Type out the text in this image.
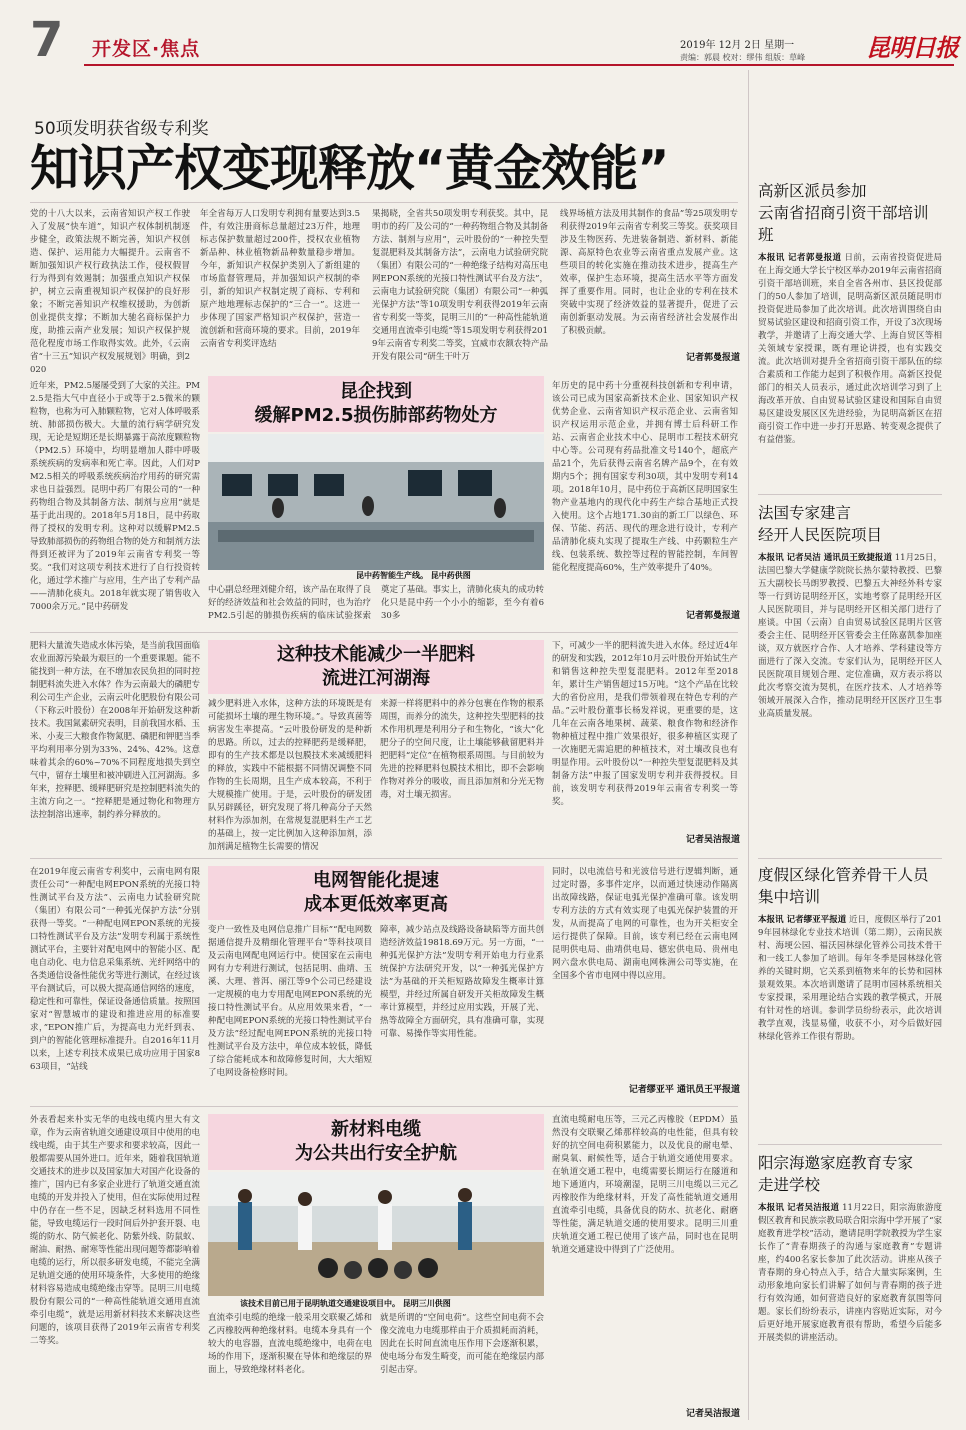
7 开发区·焦点	2019年 12月 2日 星期一
责编：郭晨 校对：缪伟 组版：草峰	昆明日报
50项发明获省级专利奖
知识产权变现释放“黄金效能”
党的十八大以来，云南省知识产权工作驶入了发展“快车道”，知识产权体制机制逐步健全，政策法规不断完善，知识产权创造、保护、运用能力大幅提升。云南省不断加强知识产权行政执法工作，侵权假冒行为得到有效遏制；加强重点知识产权保护，树立云南重视知识产权保护的良好形象；不断完善知识产权维权援助，为创新创业提供支撑；不断加大驰名商标保护力度，助推云南产业发展；知识产权保护规范化程度市场工作取得实效。此外，《云南省“十三五”知识产权发展规划》明确，到2020
年全省每万人口发明专利拥有量要达到3.5件，有效注册商标总量超过23万件，地理标志保护数量超过200件，授权农业植物新品种、林业植物新品种数量稳步增加。今年，新知识产权保护类别入了新组建的市场监督管理局，并加强知识产权制的牵引，新的知识产权制定规了商标、专利和原产地地理标志保护的“三合一”。这进一步体现了国家严格知识产权保护，营造一流创新和营商环境的要求。目前，2019年云南省专利奖评选结
果揭晓，全省共50项发明专利获奖。其中，昆明市的药厂及公司的“一种药物组合物及其制备方法、制剂与应用”，云叶股份的“一种控失型复混肥料及其制备方法”，云南电力试验研究院（集团）有限公司的“一种绝缘子结构对高压电网EPON系统的光接口特性测试平台及方法”，云南电力试验研究院（集团）有限公司“一种弧光保护方法”等10项发明专利获得2019年云南省专利奖一等奖，昆明三川的“一种高性能轨道交通用直流牵引电缆”等15项发明专利获得2019年云南省专利奖二等奖，宜威市农额农特产品开发有限公司“研生干叶万
线界场植方法及用其制作的食品”等25项发明专利获得2019年云南省专利奖三等奖。获奖项目涉及生物医药、先进装备制造、新材料、新能源、高原特色农业等云南省重点发展产业。这些项目的转化实施在推动技术进步，提高生产效率，保护生态环境，提高生活水平等方面发挥了重要作用。同时，也让企业的专利在技术突破中实现了经济效益的显著提升，促进了云南创新驱动发展。为云南省经济社会发展作出了积极贡献。
记者郭曼报道
昆企找到
缓解PM2.5损伤肺部药物处方
昆中药智能生产线。 昆中药供图
近年来，PM2.5屡屡受到了大家的关注。PM2.5是指大气中直径小于或等于2.5微米的颗粒物，也称为可入肺颗粒物，它对人体呼吸系统、肺部损伤极大。大量的流行病学研究发现，无论是短期还是长期暴露于高浓度颗粒物（PM2.5）环境中，均明显增加人群中呼吸系统疾病的发病率和死亡率。因此，人们对PM2.5相关的呼吸系统疾病治疗用药的研究需求也日益强烈。昆明中药厂有限公司的“一种药物组合物及其制备方法、制剂与应用”就是基于此出现的。2018年5月18日，昆中药取得了授权的发明专利。这种对以缓解PM2.5导致肺部损伤的药物组合物的处方和制剂方法得到还被评为了2019年云南省专利奖一等奖。“我们对这项专利技术进行了自行投资转化，通过学术推广与应用，生产出了专利产品——清肺化痰丸。2018年就实现了销售收入7000余万元。”昆中药研发
中心副总经理刘健介绍，该产品在取得了良好的经济效益和社会效益的同时，也为治疗PM2.5引起的肺损伤疾病的临床试验探索奠定了基础。事实上，清肺化痰丸的成功转化只是昆中药一个小小的缩影，至今有着630多
年历史的昆中药十分重视科技创新和专利申请，该公司已成为国家高新技术企业、国家知识产权优势企业、云南省知识产权示范企业、云南省知识产权运用示范企业，并拥有博士后科研工作站、云南省企业技术中心、昆明市工程技术研究中心等。公司现有药品批准文号140个，超底产品21个，先后获得云南省名牌产品9个，在有效期内5个；拥有国家专利30项，其中发明专利14项。2018年10月，昆中药位于高新区昆明国家生物产业基地内的现代化中药生产综合基地正式投入使用。这个占地171.30亩的新工厂以绿色、环保、节能、药活、现代的理念进行设计，专利产品清肺化痰丸实现了提取生产线、中药颗粒生产线、包装系统、数控等过程的智能控制，车间智能化程度提高60%，生产效率提升了40%。
记者郭曼报道
这种技术能减少一半肥料
流进江河湖海
肥料大量流失造成水体污染，是当前我国面临农业面源污染最为艰巨的一个重要课题。能不能找到一种方法，在不增加农民负担的同时控制肥料流失进入水体？作为云南最大的磷肥专利公司生产企业，云南云叶化肥股份有限公司（下称云叶股份）在2008年开始研发这种新技术。我国氮素研究表明，目前我国水稻、玉米、小麦三大粮食作物氮肥、磷肥和钾肥当季平均利用率分别为33%、24%、42%。这意味着其余的60%~70%不同程度地损失到空气中，留存土壤里和被冲刷进入江河湖海。多年来，控释肥、缓释肥研究是控制肥料流失的主流方向之一。“控释肥是通过物化和物理方法控制溶出速率，制约养分释放的。
减少肥料进入水体，这种方法的环境既是有可能损坏土壤的理生物环境。”。导致真菌等病害发生率提高。“云叶股份研发的是种新的思路。所以，过去的控释肥药是缓释肥，即有的生产技术都是以包膜技术来减缓肥料的释放，实践中不能根据不同情况调整不同作物的生长周期，且生产成本较高，不利于大规模推广使用。于是，云叶股份的研发团队另辟蹊径，研究发现了将几种高分子天然材料作为添加剂，在常规复混肥料生产工艺的基础上，按一定比例加入这种添加剂，添加剂满足植物生长需要的情况
来源一样将肥料中的养分包裹在作物的根系周围，而养分的流失，这种控失型肥料的技术作用机理是利用分子和生物化，“该大”化肥分子的空间尺度，让土壤能够截留肥料并把肥料“定位”在植物根系周围。与目前较为先进的控释肥料包膜技术相比，即不会影响作物对养分的吸收，而且添加剂和分光无物毒，对土壤无损害。
下，可减少一半的肥料流失进入水体。经过近4年的研发和实践，2012年10月云叶股份开始试生产和销售这种控失型复混肥料。2012年至2018年，累计生产销售超过15万吨。“这个产品在比较大的省份应用，是我们带领着现在特色专利的产品。”云叶股份董事长杨发祥说，更重要的是，这几年在云南各地果树、蔬菜、粮食作物和经济作物种植过程中推广效果很好，很多种植区实现了一次施肥无需追肥的种植技术，对土壤改良也有明显作用。云叶股份以“一种控失型复混肥料及其制备方法”申报了国家发明专利并获得授权。目前，该发明专利获得2019年云南省专利奖一等奖。
记者吴洁报道
电网智能化提速
成本更低效率更高
在2019年度云南省专利奖中，云南电网有限责任公司“一种配电网EPON系统的光接口特性测试平台及方法”、云南电力试验研究院（集团）有限公司“一种弧光保护方法”分别获得一等奖。“一种配电网EPON系统的光接口特性测试平台及方法”发明专利属于系统性测试平台，主要针对配电网中的智能小区、配电自动化、电力信息采集系统、光纤网络中的各类通信设备性能优劣等进行测试，在经过该平台测试后，可以极大提高通信网络的速度，稳定性和可靠性，保证设备通信质量。按照国家对“智慧城市的建设和推进应用的标准要求，”EPON推广后，为提高电力光纤到表、到户的智能化管理标准提升。自2016年11月以来，上述专利技术成果已成功应用于国家863项目，“站线
变户一致性及电网信息推广目标”“配电网数据通信提升及精细化管理平台”等科技项目及云南电网配电网运行中。使国家在云南电网有力专利进行测试，包括昆明、曲靖、玉溪、大理、普洱、丽江等9个公司已经建设一定规模的电力专用配电网EPON系统的光接口特性测试平台。从应用效果来看，“一种配电网EPON系统的光接口特性测试平台及方法”经过配电网EPON系统的光接口特性测试平台及方法中，单位成本较低，降低了综合能耗成本和故障修复时间，大大缩短了电网设备检修时间。
障率，减少站点及线路设备缺陷等方面共创造经济效益19818.69万元。另一方面，“一种弧光保护方法”发明专利开始电力行业系统保护方法研究开发，以“一种弧光保护方法”为基础的开关柜短路故障发生概率计算模型，并经过所属自研发开关柜故障发生概率计算模型，并经过应用实践，开展了光、热等故障全方面研究，具有准确可靠，实现可靠、易操作等实用性能。
同时，以电流信号和光波信号进行逻辑判断，通过定时器，多事件定序，以而通过快速动作隔离出故障线路，保证电弧光保护准确可靠。该发明专利方法的方式有效实现了电弧光保护装置的开发，从而提高了电网的可靠性，也为开关柜安全运行提供了保障。目前，该专利已经在云南电网昆明供电局、曲靖供电局、德宏供电局、贵州电网六盘水供电局、湖南电网株洲公司等实施，在全国多个省市电网中得以应用。
记者缪亚平 通讯员王平报道
新材料电缆
为公共出行安全护航
该技术目前已用于昆明轨道交通建设项目中。 昆明三川供图
外表看起来朴实无华的电线电缆内里大有文章，作为云南省轨道交通建设项目中使用的电线电缆，由于其生产要求和要求较高，因此一般都需要从国外进口。近年来，随着我国轨道交通技术的进步以及国家加大对国产化设备的推广，国内已有多家企业进行了轨道交通直流电缆的开发并投入了使用，但在实际使用过程中仍存在一些不足，因缺乏材料选用不同性能，导致电缆运行一段时间后外护套开裂、电缆的防水、防气候老化、防紫外线、防鼠蚁、耐油、耐热、耐寒等性能出现问题等都影响着电缆的运行，所以很多研发电缆，不能完全满足轨道交通的使用环境条件，大多使用的绝缘材料容易造成电缆绝缘击穿等。昆明三川电缆股份有限公司的“一种高性能轨道交通用直流牵引电缆”，就是运用新材料技术来解决这些问题的，该项目获得了2019年云南省专利奖二等奖。
直流牵引电缆的绝缘一般采用交联聚乙烯和乙丙橡胶两种绝缘材料。电缆本身具有一个较大的电容器，直流电缆绝缘中，电荷在电场的作用下，逐渐积聚在导体和绝缘层的界面上，导致绝缘材料老化。
就是所谓的“空间电荷”。这些空间电荷不会像交流电力电缆那样由于介质损耗而消耗，因此在长时间直流电压作用下会逐渐积累，使电场分布发生畸变，而可能在绝缘层内部引起击穿。
直流电缆耐电压等，三元乙丙橡胶（EPDM）虽然没有交联聚乙烯那样较高的电性能，但具有较好的抗空间电荷积累能力，以及优良的耐电晕、耐臭氧、耐候性等，适合于轨道交通使用要求。在轨道交通工程中，电缆需要长期运行在隧道和地下通道内，环境潮湿，昆明三川电缆以三元乙丙橡胶作为绝缘材料，开发了高性能轨道交通用直流牵引电缆，具备优良的防水、抗老化、耐磨等性能，满足轨道交通的使用要求。昆明三川重庆轨道交通工程已使用了该产品，同时也在昆明轨道交通建设中得到了广泛使用。
记者吴洁报道
高新区派员参加
云南省招商引资干部培训班
本报讯 记者郭曼报道 日前，云南省投资促进局在上海交通大学长宁校区举办2019年云南省招商引资干部培训班，来自全省各州市、县区投促部门的50人参加了培训，昆明高新区派员随昆明市投资促进局参加了此次培训。此次培训围绕自由贸易试验区建设和招商引资工作，开设了3次现场教学，并邀请了上海交通大学、上海自贸区等相关领域专家授课，既有理论讲授，也有实践交流。此次培训对提升全省招商引资干部队伍的综合素质和工作能力起到了积极作用。高新区投促部门的相关人员表示，通过此次培训学习到了上海改革开放、自由贸易试验区建设和国际自由贸易区建设发展区区先进经验，为昆明高新区在招商引资工作中进一步打开思路、转变观念提供了有益借鉴。
法国专家建言
经开人民医院项目
本报讯 记者吴洁 通讯员王致捷报道 11月25日，法国巴黎大学健康学院院长热尔蒙特教授、巴黎五大副校长马朗罗教授、巴黎五大神经外科专家等一行到访昆明经开区，实地考察了昆明经开区人民医院项目，并与昆明经开区相关部门进行了座谈。中国（云南）自由贸易试验区昆明片区管委会主任、昆明经开区管委会主任陈嘉凯参加座谈，双方就医疗合作、人才培养、学科建设等方面进行了深入交流。专家们认为，昆明经开区人民医院项目规划合理、定位准确，双方表示将以此次考察交流为契机，在医疗技术、人才培养等领域开展深入合作，推动昆明经开区医疗卫生事业高质量发展。
度假区绿化管养骨干人员
集中培训
本报讯 记者缪亚平报道 近日，度假区举行了2019年园林绿化专业技术培训（第二期），云南民族村、海埂公园、福沃园林绿化管养公司技术骨干和一线工人参加了培训。每年冬季是园林绿化管养的关键时期，它关系到植物来年的长势和园林景观效果。本次培训邀请了昆明市园林系统相关专家授课，采用理论结合实践的教学模式，开展有针对性的培训。参训学员纷纷表示，此次培训教学直观，浅显易懂，收获不小，对今后做好园林绿化管养工作很有帮助。
阳宗海邀家庭教育专家
走进学校
本报讯 记者吴洁报道 11月22日，阳宗海旅游度假区教育和民族宗教局联合阳宗海中学开展了“家庭教育进学校”活动，邀请昆明学院教授为学生家长作了“青春期孩子的沟通与家庭教育”专题讲座，约400名家长参加了此次活动。讲座从孩子青春期的身心特点入手，结合大量实际案例，生动形象地向家长们讲解了如何与青春期的孩子进行有效沟通，如何营造良好的家庭教育氛围等问题。家长们纷纷表示，讲座内容贴近实际，对今后更好地开展家庭教育很有帮助，希望今后能多开展类似的讲座活动。
